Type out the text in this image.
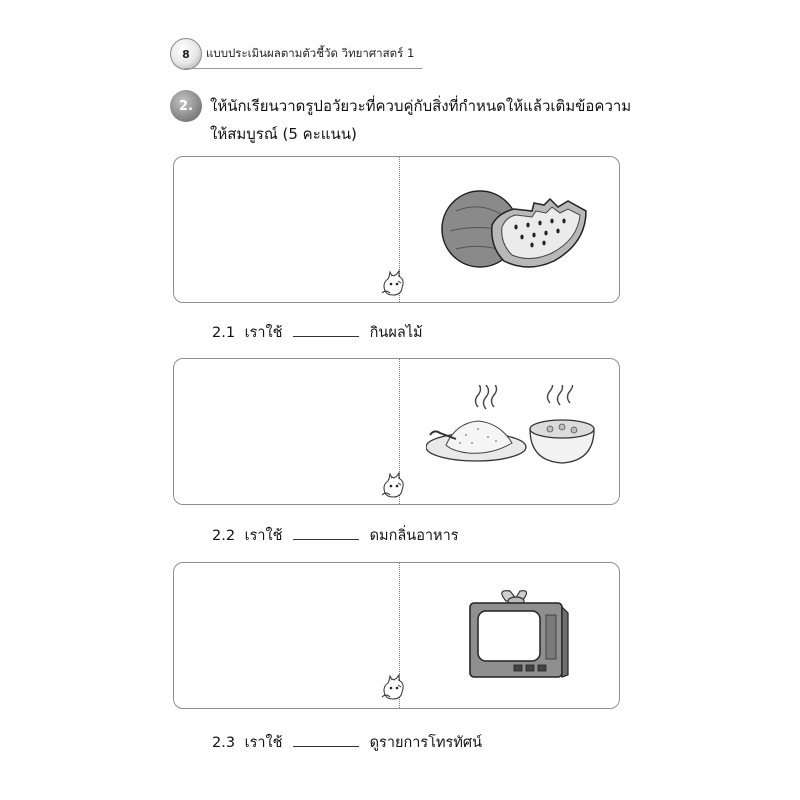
8	แบบประเมินผลตามตัวชี้วัด วิทยาศาสตร์ 1
2.	ให้นักเรียนวาดรูปอวัยวะที่ควบคู่กับสิ่งที่กำหนดให้แล้วเติมข้อความ
ให้สมบูรณ์ (5 คะแนน)
2.1 เราใช้	กินผลไม้
2.2 เราใช้	ดมกลิ่นอาหาร
2.3 เราใช้	ดูรายการโทรทัศน์
